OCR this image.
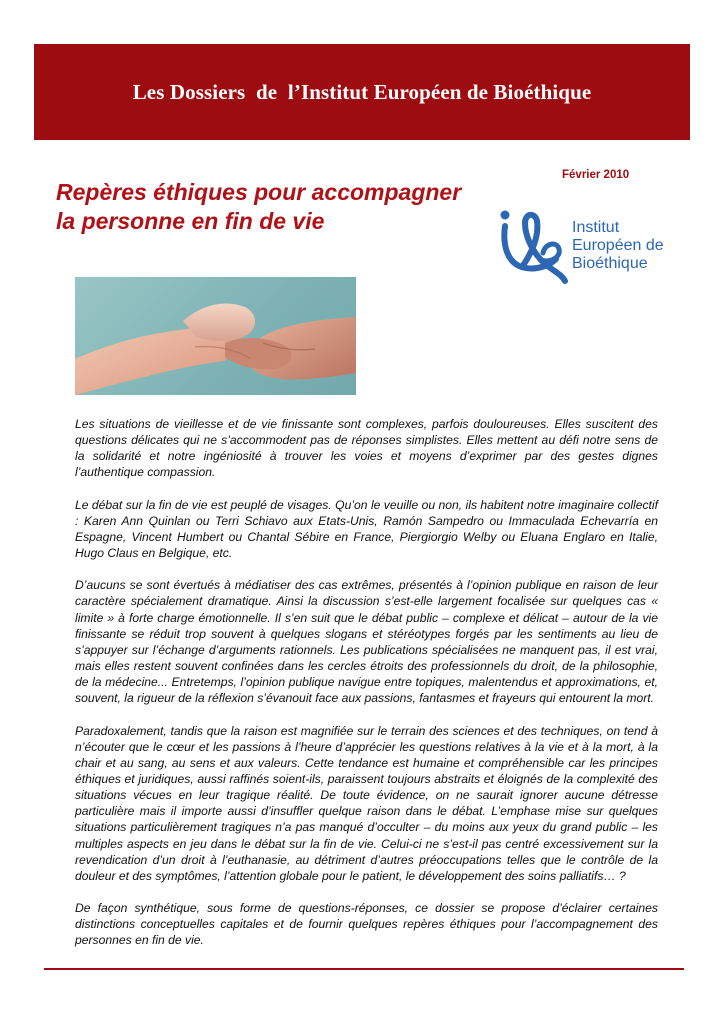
Les Dossiers  de  l’Institut Européen de Bioéthique
Février 2010
Repères éthiques pour accompagner
la personne en fin de vie	Institut
Européen de
Bioéthique

Les situations de vieillesse et de vie finissante sont complexes, parfois douloureuses. Elles suscitent des questions délicates qui ne s’accommodent pas de réponses simplistes. Elles mettent au défi notre sens de la solidarité et notre ingéniosité à trouver les voies et moyens d’exprimer par des gestes dignes l’authentique compassion.

Le débat sur la fin de vie est peuplé de visages. Qu’on le veuille ou non, ils habitent notre imaginaire collectif : Karen Ann Quinlan ou Terri Schiavo aux Etats-Unis, Ramón Sampedro ou Immaculada Echevarría en Espagne, Vincent Humbert ou Chantal Sébire en France, Piergiorgio Welby ou Eluana Englaro en Italie, Hugo Claus en Belgique, etc.

D’aucuns se sont évertués à médiatiser des cas extrêmes, présentés à l’opinion publique en raison de leur caractère spécialement dramatique. Ainsi la discussion s’est-elle largement focalisée sur quelques cas « limite » à forte charge émotionnelle. Il s’en suit que le débat public – complexe et délicat – autour de la vie finissante se réduit trop souvent à quelques slogans et stéréotypes forgés par les sentiments au lieu de s’appuyer sur l’échange d’arguments rationnels. Les publications spécialisées ne manquent pas, il est vrai, mais elles restent souvent confinées dans les cercles étroits des professionnels du droit, de la philosophie, de la médecine... Entretemps, l’opinion publique navigue entre topiques, malentendus et approximations, et, souvent, la rigueur de la réflexion s’évanouit face aux passions, fantasmes et frayeurs qui entourent la mort.

Paradoxalement, tandis que la raison est magnifiée sur le terrain des sciences et des techniques, on tend à n’écouter que le cœur et les passions à l’heure d’apprécier les questions relatives à la vie et à la mort, à la chair et au sang, au sens et aux valeurs. Cette tendance est humaine et compréhensible car les principes éthiques et juridiques, aussi raffinés soient-ils, paraissent toujours abstraits et éloignés de la complexité des situations vécues en leur tragique réalité. De toute évidence, on ne saurait ignorer aucune détresse particulière mais il importe aussi d’insuffler quelque raison dans le débat. L’emphase mise sur quelques situations particulièrement tragiques n’a pas manqué d’occulter – du moins aux yeux du grand public – les multiples aspects en jeu dans le débat sur la fin de vie. Celui-ci ne s’est-il pas centré excessivement sur la revendication d’un droit à l’euthanasie, au détriment d’autres préoccupations telles que le contrôle de la douleur et des symptômes, l’attention globale pour le patient, le développement des soins palliatifs… ?

De façon synthétique, sous forme de questions-réponses, ce dossier se propose d’éclairer certaines distinctions conceptuelles capitales et de fournir quelques repères éthiques pour l’accompagnement des personnes en fin de vie.
